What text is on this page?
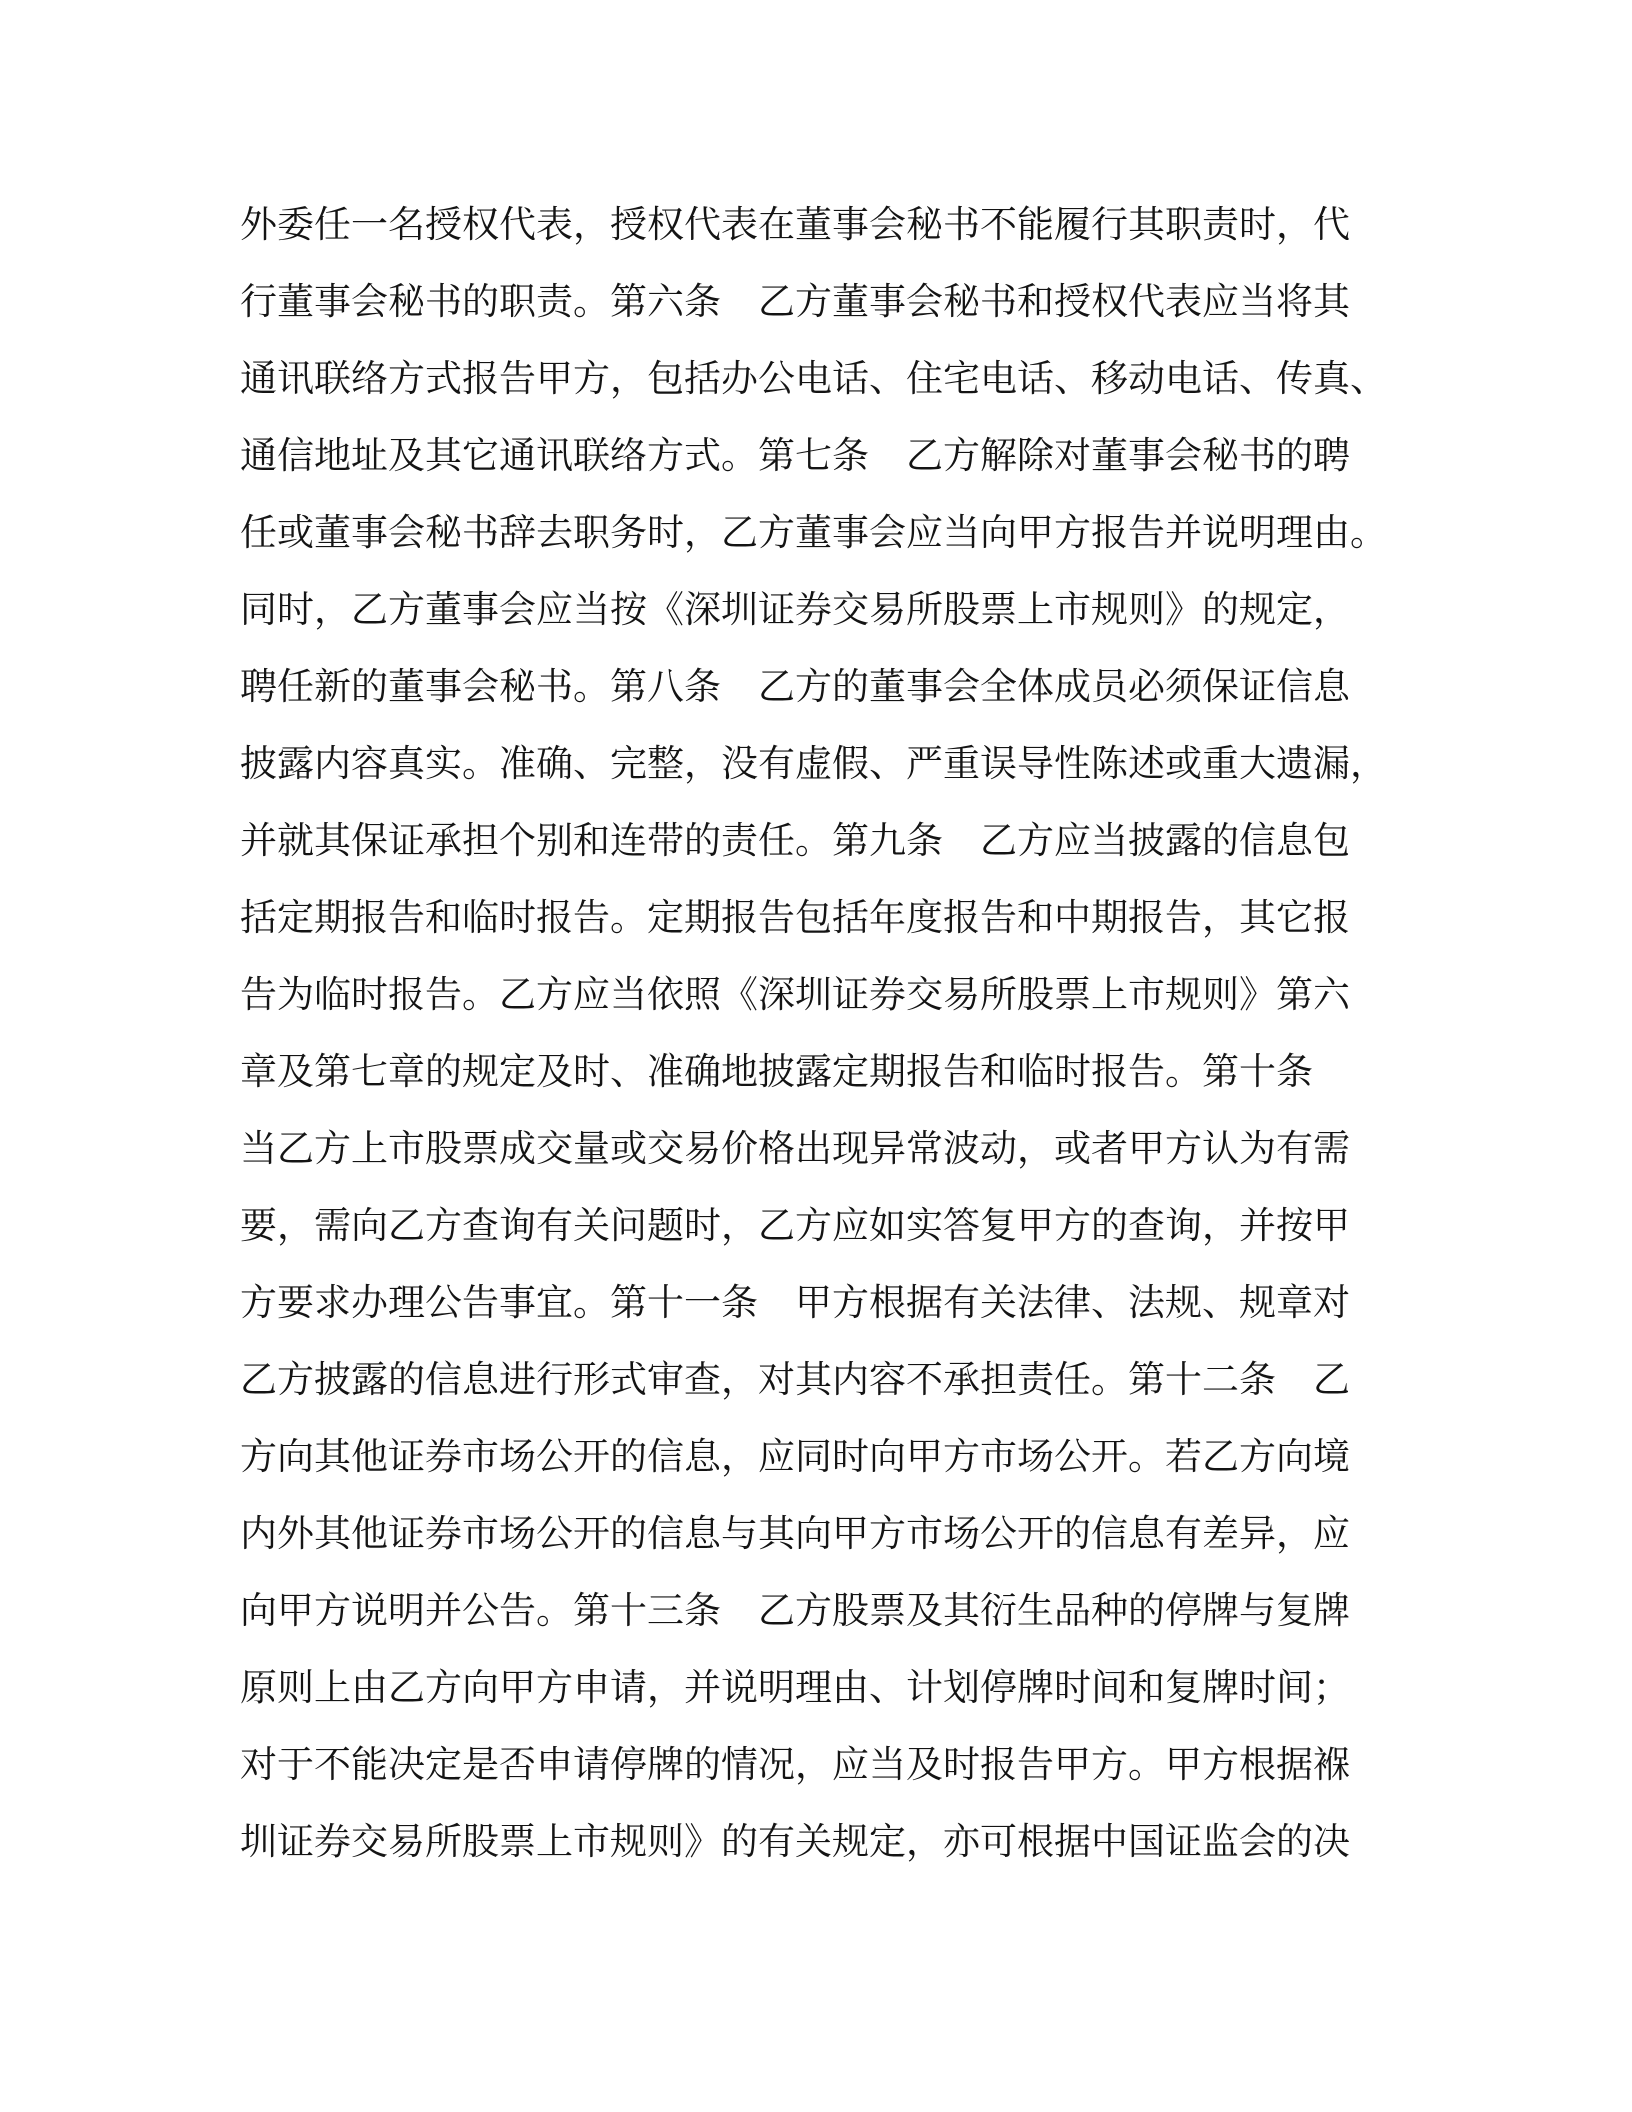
外委任一名授权代表，授权代表在董事会秘书不能履行其职责时，代
行董事会秘书的职责。第六条　乙方董事会秘书和授权代表应当将其
通讯联络方式报告甲方，包括办公电话、住宅电话、移动电话、传真、
通信地址及其它通讯联络方式。第七条　乙方解除对董事会秘书的聘
任或董事会秘书辞去职务时，乙方董事会应当向甲方报告并说明理由。
同时，乙方董事会应当按《深圳证券交易所股票上市规则》的规定，
聘任新的董事会秘书。第八条　乙方的董事会全体成员必须保证信息
披露内容真实。准确、完整，没有虚假、严重误导性陈述或重大遗漏，
并就其保证承担个别和连带的责任。第九条　乙方应当披露的信息包
括定期报告和临时报告。定期报告包括年度报告和中期报告，其它报
告为临时报告。乙方应当依照《深圳证券交易所股票上市规则》第六
章及第七章的规定及时、准确地披露定期报告和临时报告。第十条
当乙方上市股票成交量或交易价格出现异常波动，或者甲方认为有需
要，需向乙方查询有关问题时，乙方应如实答复甲方的查询，并按甲
方要求办理公告事宜。第十一条　甲方根据有关法律、法规、规章对
乙方披露的信息进行形式审查，对其内容不承担责任。第十二条　乙
方向其他证券市场公开的信息，应同时向甲方市场公开。若乙方向境
内外其他证券市场公开的信息与其向甲方市场公开的信息有差异，应
向甲方说明并公告。第十三条　乙方股票及其衍生品种的停牌与复牌
原则上由乙方向甲方申请，并说明理由、计划停牌时间和复牌时间；
对于不能决定是否申请停牌的情况，应当及时报告甲方。甲方根据褓
圳证券交易所股票上市规则》的有关规定，亦可根据中国证监会的决
